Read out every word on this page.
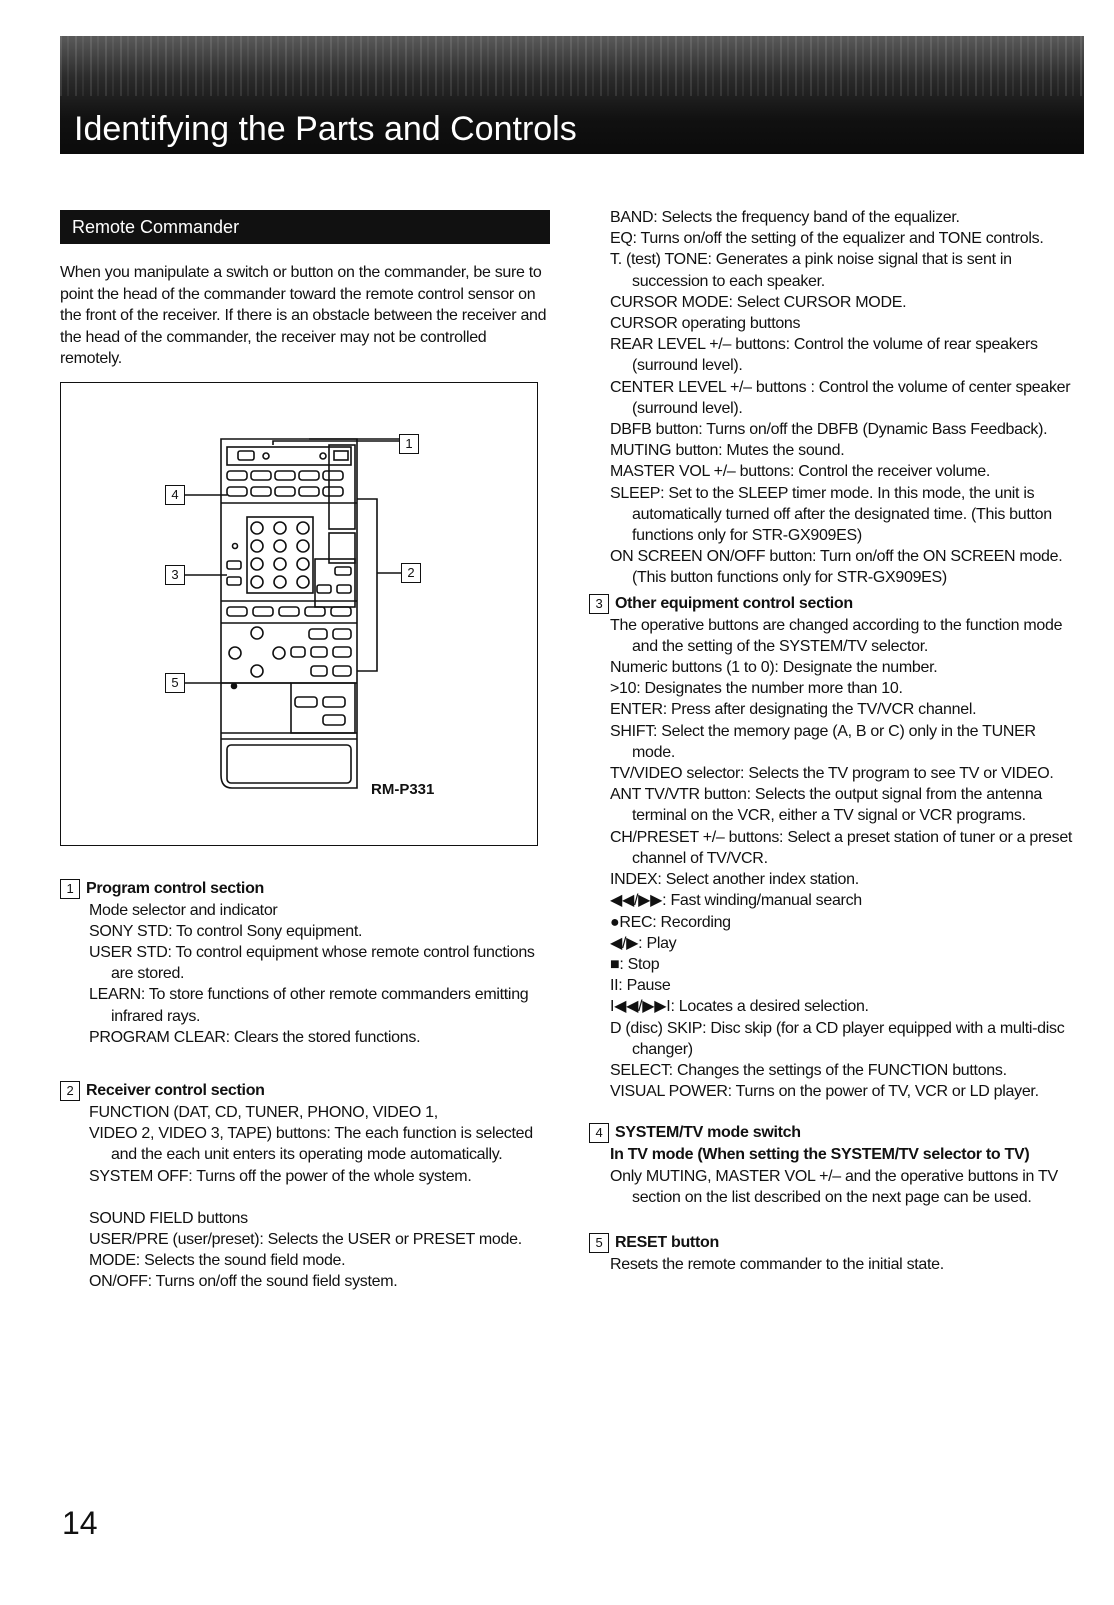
Identifying the Parts and Controls
Remote Commander

When you manipulate a switch or button on the commander, be sure to point the head of the commander toward the remote control sensor on the front of the receiver. If there is an obstacle between the receiver and the head of the commander, the receiver may not be controlled remotely.

1
2
3
4
5
RM-P331
1 Program control section
Mode selector and indicator
SONY STD: To control Sony equipment.
USER STD: To control equipment whose remote control functions are stored.
LEARN: To store functions of other remote commanders emitting infrared rays.
PROGRAM CLEAR: Clears the stored functions.
2 Receiver control section
FUNCTION (DAT, CD, TUNER, PHONO, VIDEO 1,
VIDEO 2, VIDEO 3, TAPE) buttons: The each function is selected and the each unit enters its operating mode automatically.
SYSTEM OFF: Turns off the power of the whole system.
SOUND FIELD buttons
USER/PRE (user/preset): Selects the USER or PRESET mode.
MODE: Selects the sound field mode.
ON/OFF: Turns on/off the sound field system.
BAND: Selects the frequency band of the equalizer.
EQ: Turns on/off the setting of the equalizer and TONE controls.
T. (test) TONE: Generates a pink noise signal that is sent in succession to each speaker.
CURSOR MODE: Select CURSOR MODE.
CURSOR operating buttons
REAR LEVEL +/– buttons: Control the volume of rear speakers (surround level).
CENTER LEVEL +/– buttons : Control the volume of center speaker (surround level).
DBFB button: Turns on/off the DBFB (Dynamic Bass Feedback).
MUTING button: Mutes the sound.
MASTER VOL +/– buttons: Control the receiver volume.
SLEEP: Set to the SLEEP timer mode. In this mode, the unit is automatically turned off after the designated time. (This button functions only for STR-GX909ES)
ON SCREEN ON/OFF button: Turn on/off the ON SCREEN mode. (This button functions only for STR-GX909ES)
3 Other equipment control section
The operative buttons are changed according to the function mode and the setting of the SYSTEM/TV selector.
Numeric buttons (1 to 0): Designate the number.
>10: Designates the number more than 10.
ENTER: Press after designating the TV/VCR channel.
SHIFT: Select the memory page (A, B or C) only in the TUNER mode.
TV/VIDEO selector: Selects the TV program to see TV or VIDEO.
ANT TV/VTR button: Selects the output signal from the antenna terminal on the VCR, either a TV signal or VCR programs.
CH/PRESET +/– buttons: Select a preset station of tuner or a preset channel of TV/VCR.
INDEX: Select another index station.
◀◀/▶▶: Fast winding/manual search
●REC: Recording
◀/▶: Play
■: Stop
II: Pause
I◀◀/▶▶I: Locates a desired selection.
D (disc) SKIP: Disc skip (for a CD player equipped with a multi-disc changer)
SELECT: Changes the settings of the FUNCTION buttons.
VISUAL POWER: Turns on the power of TV, VCR or LD player.
4 SYSTEM/TV mode switch
In TV mode (When setting the SYSTEM/TV selector to TV)
Only MUTING, MASTER VOL +/– and the operative buttons in TV section on the list described on the next page can be used.
5 RESET button
Resets the remote commander to the initial state.
14
